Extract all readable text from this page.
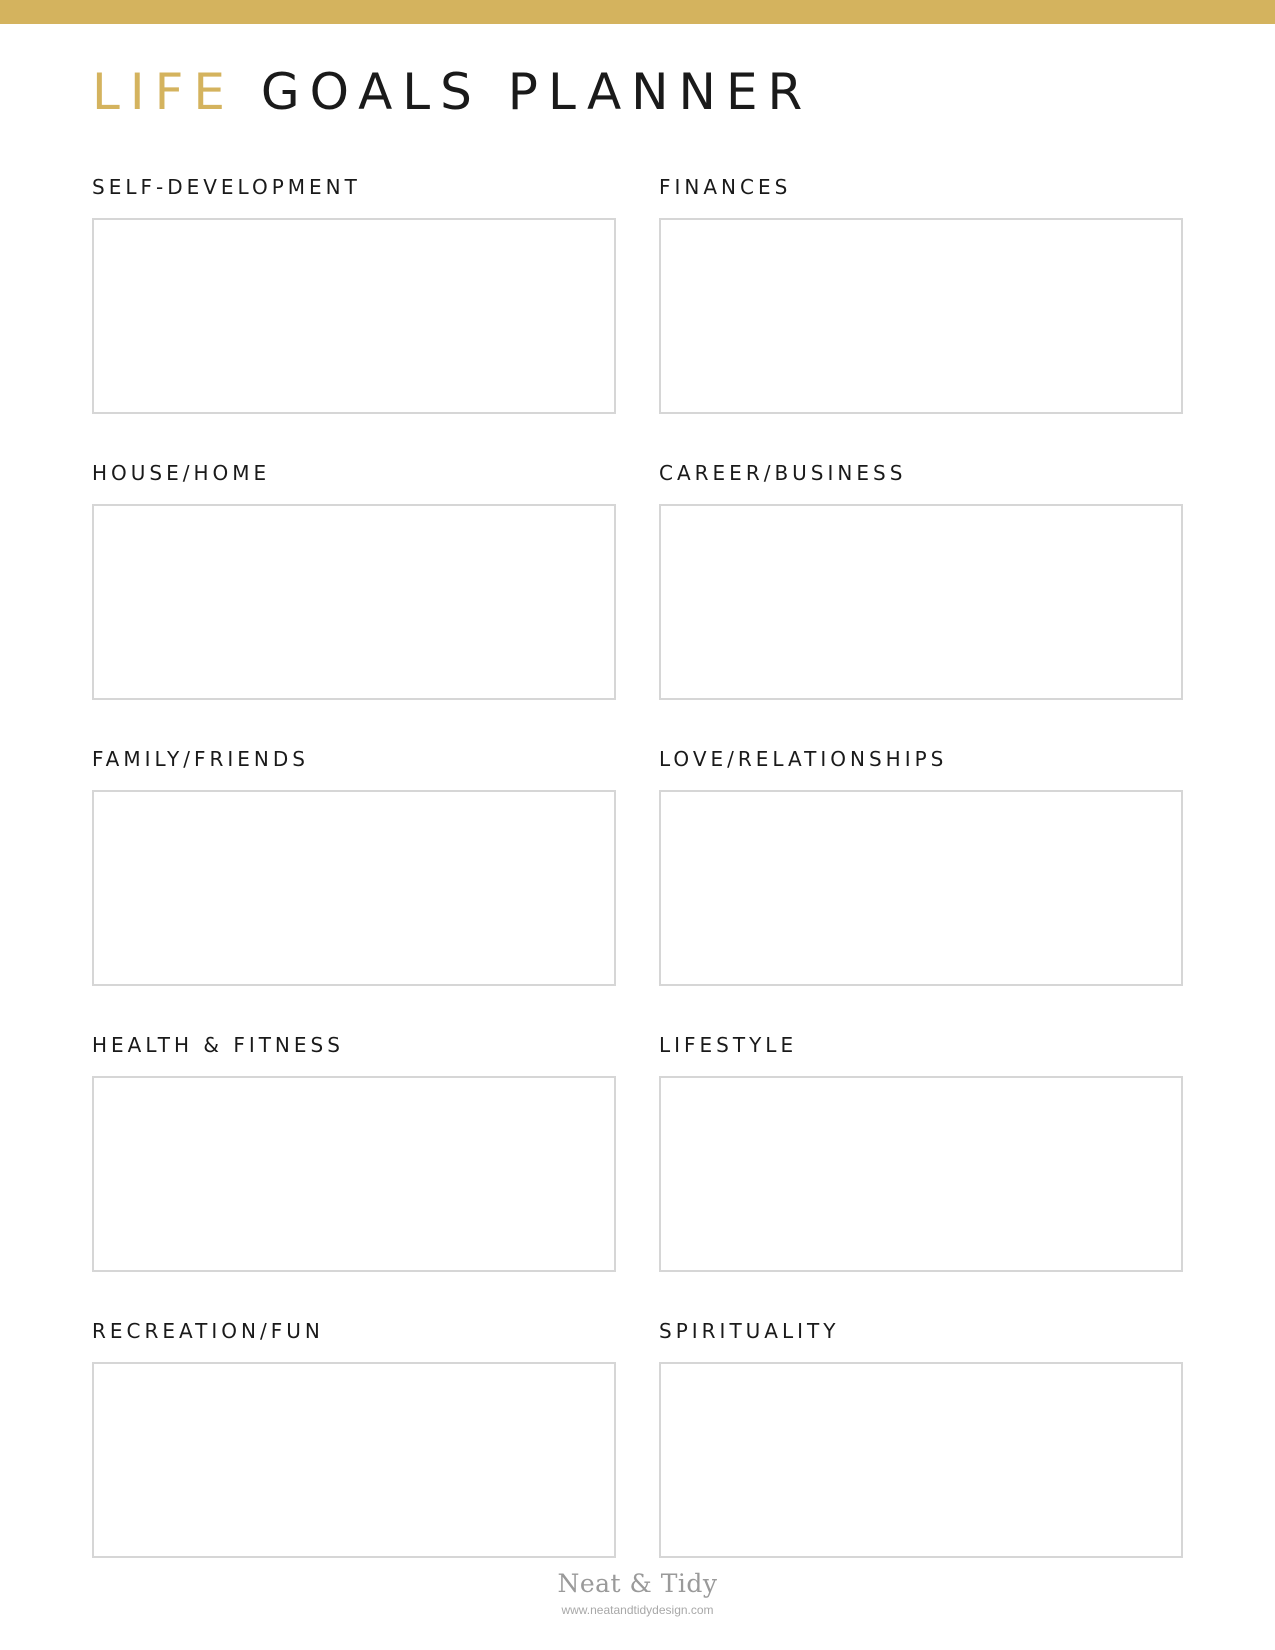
LIFE GOALS PLANNER
SELF-DEVELOPMENT	FINANCES
HOUSE/HOME	CAREER/BUSINESS
FAMILY/FRIENDS	LOVE/RELATIONSHIPS
HEALTH & FITNESS	LIFESTYLE
RECREATION/FUN	SPIRITUALITY
Neat & Tidy
www.neatandtidydesign.com
